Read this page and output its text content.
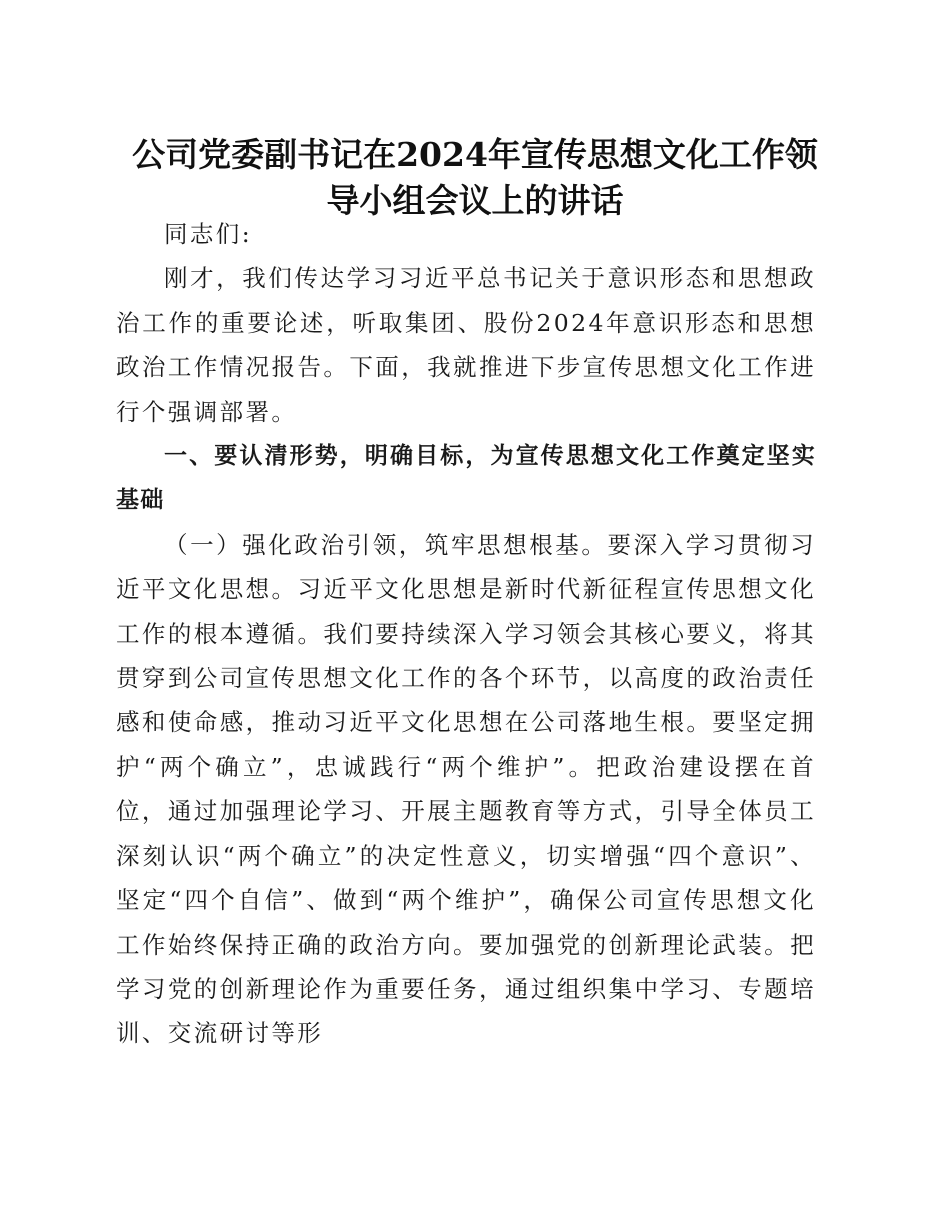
公司党委副书记在2024年宣传思想文化工作领
导小组会议上的讲话

同志们:

刚才，我们传达学习习近平总书记关于意识形态和思想政治工作的重要论述，听取集团、股份2024年意识形态和思想政治工作情况报告。下面，我就推进下步宣传思想文化工作进行个强调部署。

一、要认清形势，明确目标，为宣传思想文化工作奠定坚实基础

（一）强化政治引领，筑牢思想根基。要深入学习贯彻习近平文化思想。习近平文化思想是新时代新征程宣传思想文化工作的根本遵循。我们要持续深入学习领会其核心要义，将其贯穿到公司宣传思想文化工作的各个环节，以高度的政治责任感和使命感，推动习近平文化思想在公司落地生根。要坚定拥护“两个确立”，忠诚践行“两个维护”。把政治建设摆在首位，通过加强理论学习、开展主题教育等方式，引导全体员工深刻认识“两个确立”的决定性意义，切实增强“四个意识”、坚定“四个自信”、做到“两个维护”，确保公司宣传思想文化工作始终保持正确的政治方向。要加强党的创新理论武装。把学习党的创新理论作为重要任务，通过组织集中学习、专题培训、交流研讨等形
